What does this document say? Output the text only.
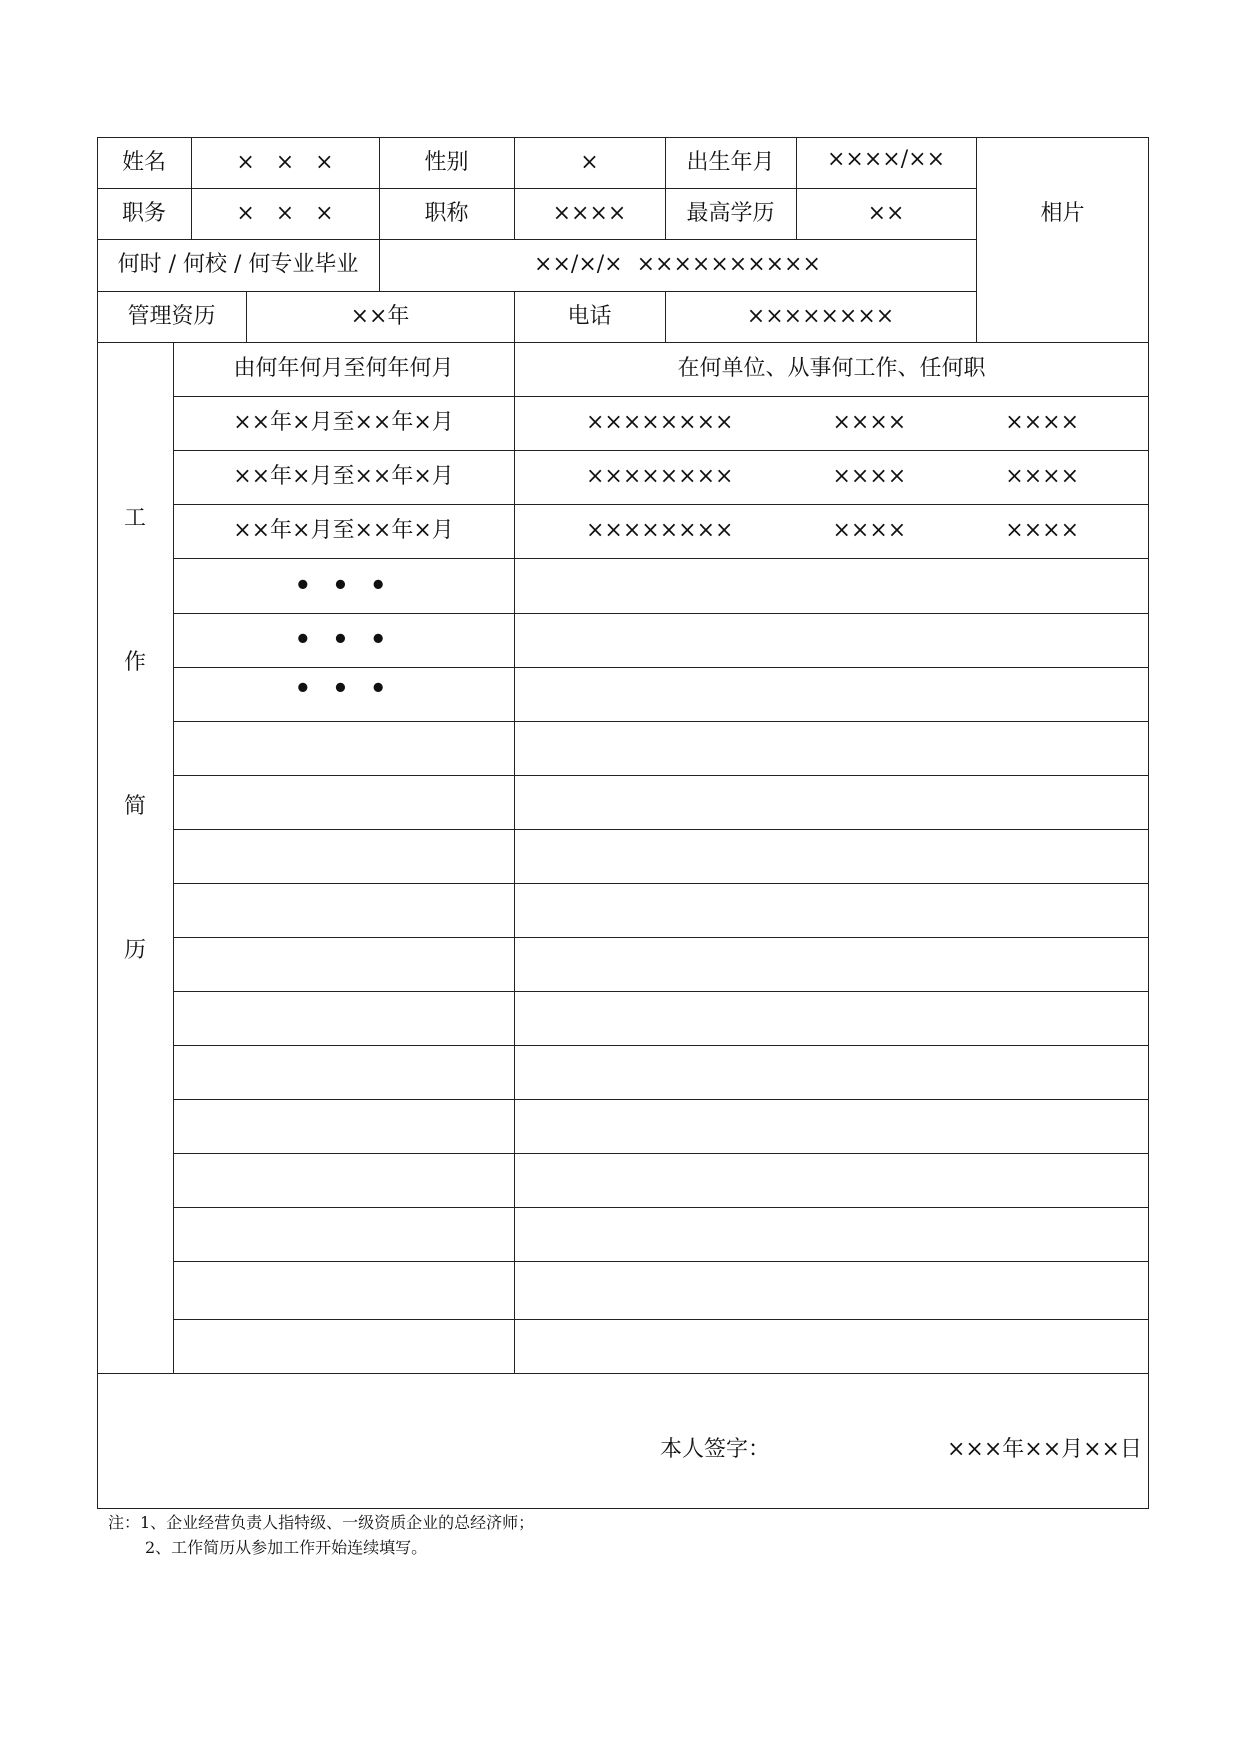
姓名	×   ×   ×	性别	×	出生年月	××××/××
相片
职务	×   ×   ×	职称	××××	最高学历	××
何时 / 何校 / 何专业毕业	××/×/×  ××××××××××
管理资历	××年	电话	××××××××
工
作
简
历
由何年何月至何年何月	在何单位、从事何工作、任何职
××年×月至××年×月	××××××××	××××	××××
××年×月至××年×月	××××××××	××××	××××
××年×月至××年×月	××××××××	××××	××××
• • •
• • •
• • •
本人签字：	×××年××月××日
注：1、企业经营负责人指特级、一级资质企业的总经济师；
2、工作简历从参加工作开始连续填写。
